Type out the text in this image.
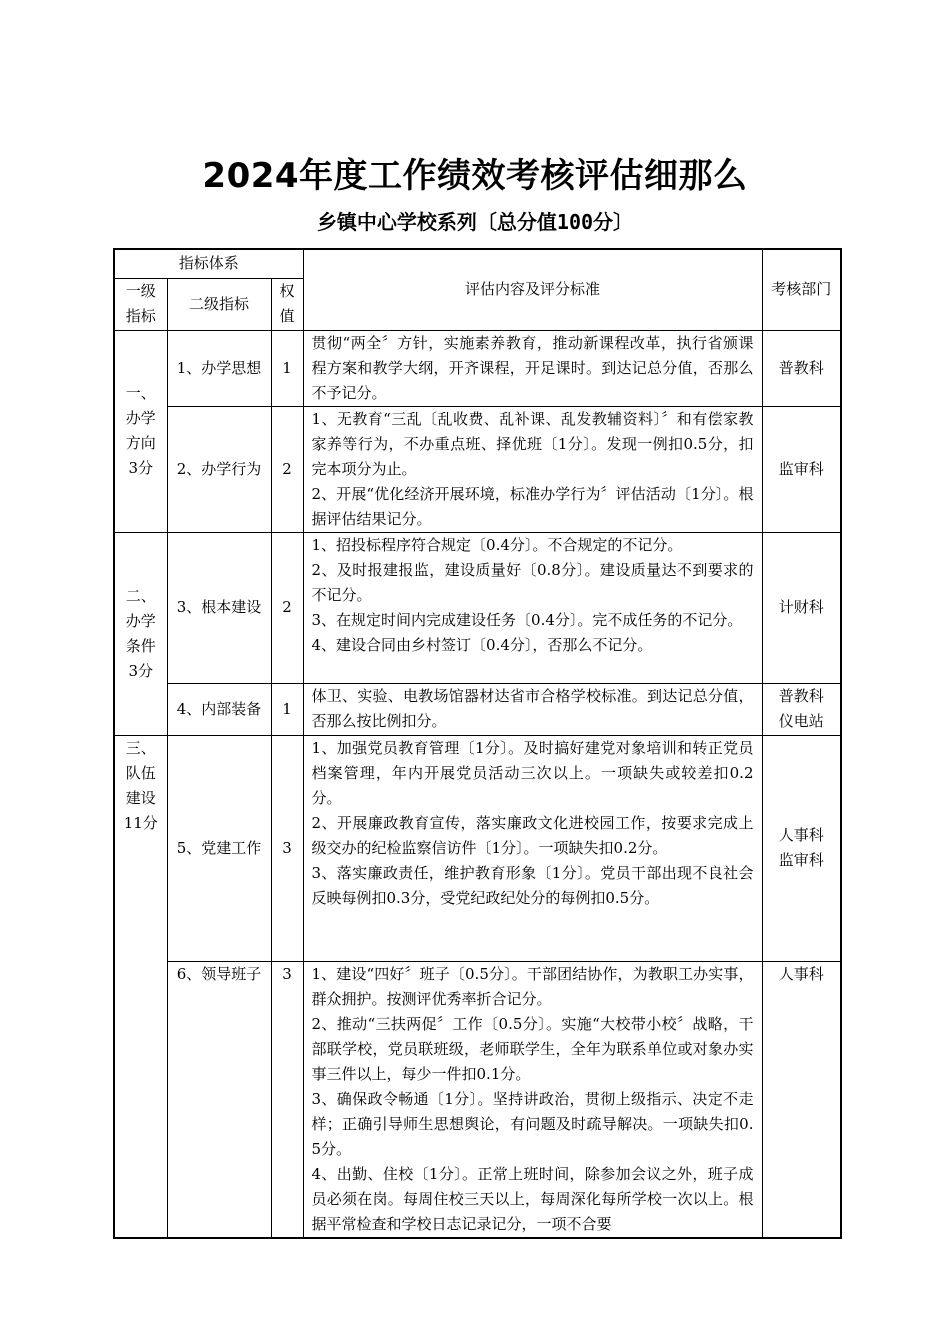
2024年度工作绩效考核评估细那么
乡镇中心学校系列〔总分值100分〕
指标体系			评估内容及评分标准	考核部门
一级指标	二级指标	权值		
一、办学方向3分	1、办学思想	1	贯彻“两全〞方针，实施素养教育，推动新课程改革，执行省颁课程方案和教学大纲，开齐课程，开足课时。到达记总分值，否那么不予记分。	普教科

	2、办学行为	2	1、无教育“三乱〔乱收费、乱补课、乱发教辅资料〕〞和有偿家教家养等行为，不办重点班、择优班〔1分〕。发现一例扣0.5分，扣完本项分为止。
2、开展“优化经济开展环境，标准办学行为〞评估活动〔1分〕。根据评估结果记分。	监审科

二、办学条件3分	3、根本建设	2	1、招投标程序符合规定〔0.4分〕。不合规定的不记分。
2、及时报建报监，建设质量好〔0.8分〕。建设质量达不到要求的不记分。
3、在规定时间内完成建设任务〔0.4分〕。完不成任务的不记分。
4、建设合同由乡村签订〔0.4分〕，否那么不记分。	计财科

	4、内部装备	1	体卫、实验、电教场馆器材达省市合格学校标准。到达记总分值，否那么按比例扣分。	普教科
仪电站

三、队伍建设11分	5、党建工作	3	1、加强党员教育管理〔1分〕。及时搞好建党对象培训和转正党员档案管理，年内开展党员活动三次以上。一项缺失或较差扣0.2分。
2、开展廉政教育宣传，落实廉政文化进校园工作，按要求完成上级交办的纪检监察信访件〔1分〕。一项缺失扣0.2分。
3、落实廉政责任，维护教育形象〔1分〕。党员干部出现不良社会反映每例扣0.3分，受党纪政纪处分的每例扣0.5分。	人事科
监审科

	6、领导班子	3	1、建设“四好〞班子〔0.5分〕。干部团结协作，为教职工办实事，群众拥护。按测评优秀率折合记分。
2、推动“三扶两促〞工作〔0.5分〕。实施“大校带小校〞战略，干部联学校，党员联班级，老师联学生，全年为联系单位或对象办实事三件以上，每少一件扣0.1分。
3、确保政令畅通〔1分〕。坚持讲政治，贯彻上级指示、决定不走样；正确引导师生思想舆论，有问题及时疏导解决。一项缺失扣0.5分。
4、出勤、住校〔1分〕。正常上班时间，除参加会议之外，班子成员必须在岗。每周住校三天以上，每周深化每所学校一次以上。根据平常检查和学校日志记录记分，一项不合要	人事科
